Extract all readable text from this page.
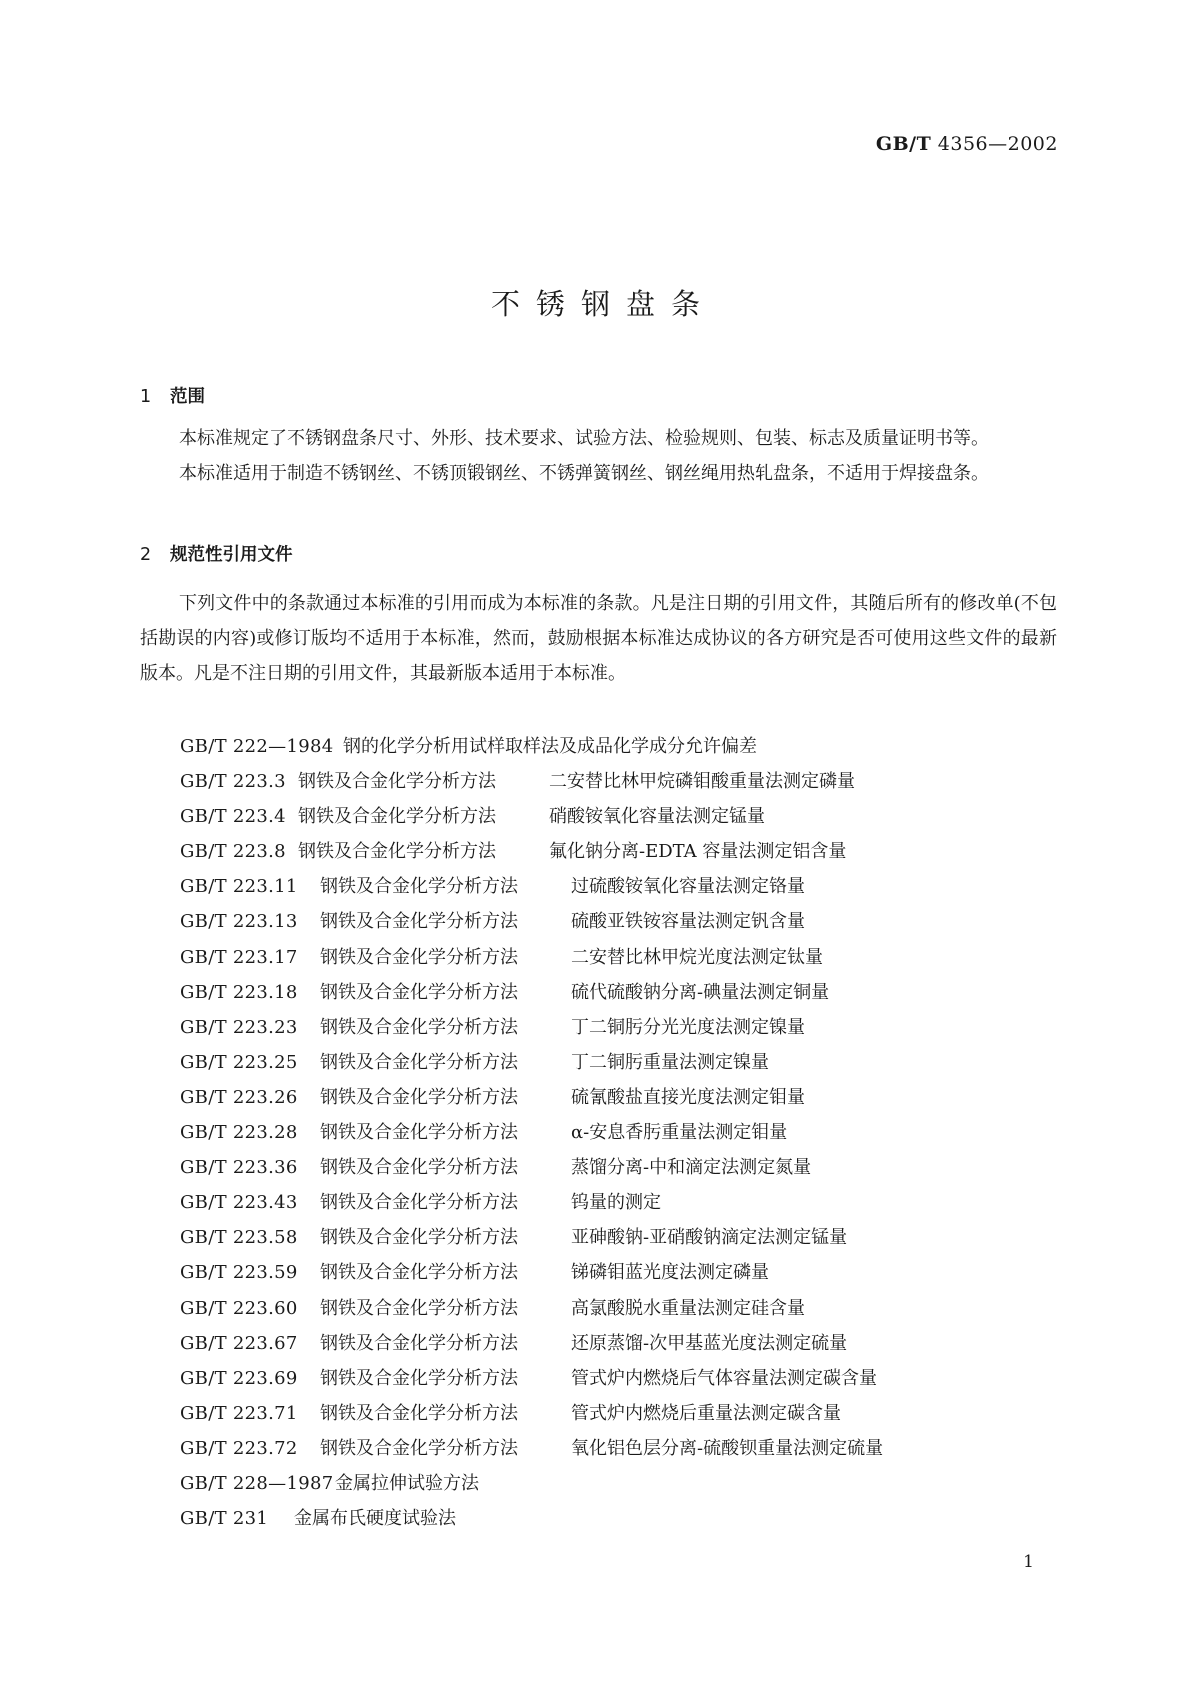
GB/T 4356—2002
不锈钢盘条
1 范围
本标准规定了不锈钢盘条尺寸、外形、技术要求、试验方法、检验规则、包装、标志及质量证明书等。
本标准适用于制造不锈钢丝、不锈顶锻钢丝、不锈弹簧钢丝、钢丝绳用热轧盘条，不适用于焊接盘条。
2 规范性引用文件
下列文件中的条款通过本标准的引用而成为本标准的条款。凡是注日期的引用文件，其随后所有的修改单(不包括勘误的内容)或修订版均不适用于本标准，然而，鼓励根据本标准达成协议的各方研究是否可使用这些文件的最新版本。凡是不注日期的引用文件，其最新版本适用于本标准。
GB/T 222—1984 钢的化学分析用试样取样法及成品化学成分允许偏差
GB/T 223.3 钢铁及合金化学分析方法	二安替比林甲烷磷钼酸重量法测定磷量
GB/T 223.4 钢铁及合金化学分析方法	硝酸铵氧化容量法测定锰量
GB/T 223.8 钢铁及合金化学分析方法	氟化钠分离-EDTA 容量法测定铝含量
GB/T 223.11 钢铁及合金化学分析方法	过硫酸铵氧化容量法测定铬量
GB/T 223.13 钢铁及合金化学分析方法	硫酸亚铁铵容量法测定钒含量
GB/T 223.17 钢铁及合金化学分析方法	二安替比林甲烷光度法测定钛量
GB/T 223.18 钢铁及合金化学分析方法	硫代硫酸钠分离-碘量法测定铜量
GB/T 223.23 钢铁及合金化学分析方法	丁二铜肟分光光度法测定镍量
GB/T 223.25 钢铁及合金化学分析方法	丁二铜肟重量法测定镍量
GB/T 223.26 钢铁及合金化学分析方法	硫氰酸盐直接光度法测定钼量
GB/T 223.28 钢铁及合金化学分析方法	α-安息香肟重量法测定钼量
GB/T 223.36 钢铁及合金化学分析方法	蒸馏分离-中和滴定法测定氮量
GB/T 223.43 钢铁及合金化学分析方法	钨量的测定
GB/T 223.58 钢铁及合金化学分析方法	亚砷酸钠-亚硝酸钠滴定法测定锰量
GB/T 223.59 钢铁及合金化学分析方法	锑磷钼蓝光度法测定磷量
GB/T 223.60 钢铁及合金化学分析方法	高氯酸脱水重量法测定硅含量
GB/T 223.67 钢铁及合金化学分析方法	还原蒸馏-次甲基蓝光度法测定硫量
GB/T 223.69 钢铁及合金化学分析方法	管式炉内燃烧后气体容量法测定碳含量
GB/T 223.71 钢铁及合金化学分析方法	管式炉内燃烧后重量法测定碳含量
GB/T 223.72 钢铁及合金化学分析方法	氧化铝色层分离-硫酸钡重量法测定硫量
GB/T 228—1987金属拉伸试验方法
GB/T 231 金属布氏硬度试验法
1
